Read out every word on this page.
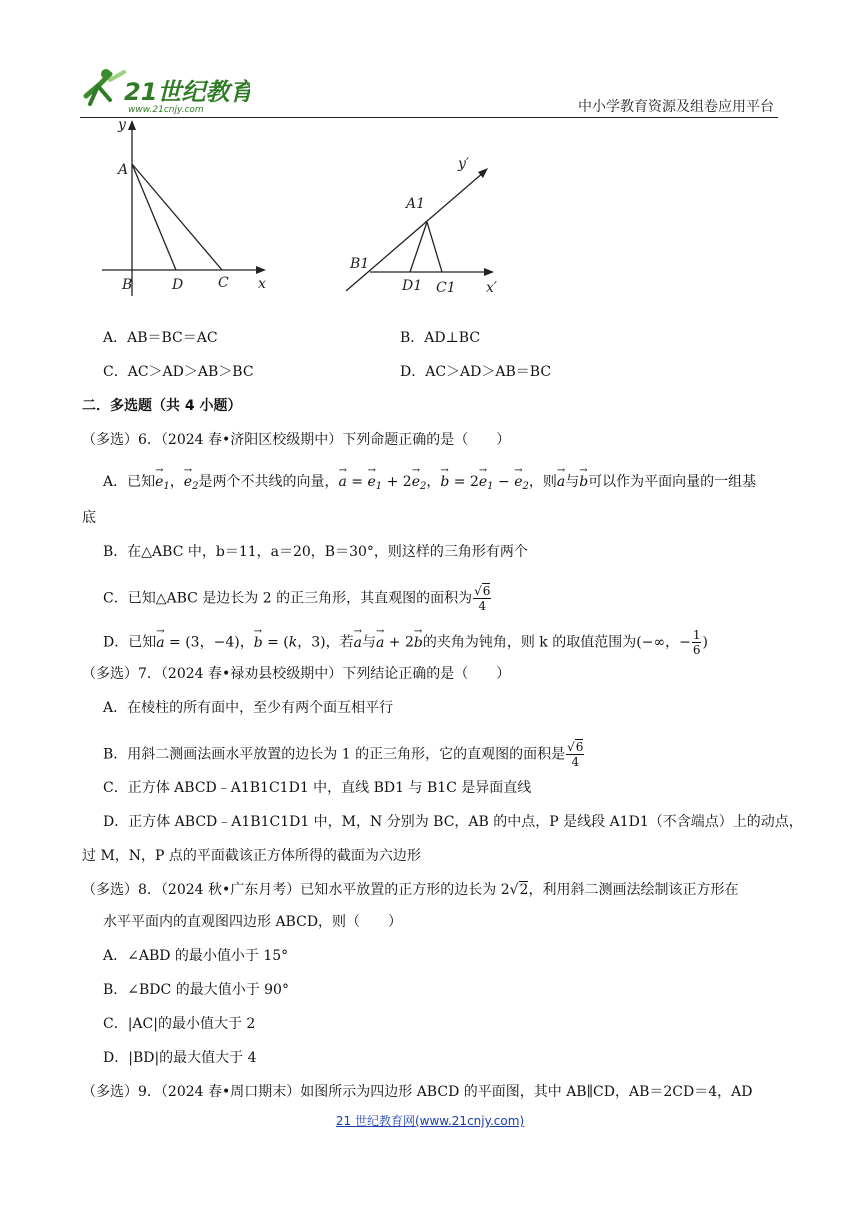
21世纪教育
www.21cnjy.com	中小学教育资源及组卷应用平台
y
A
B	D C x
y′
A1
B1
D1 C1 x′
A．AB＝BC＝AC	B．AD⊥BC
C．AC＞AD＞AB＞BC	D．AC＞AD＞AB＝BC
二．多选题（共 4 小题）
（多选）6．（2024 春•济阳区校级期中）下列命题正确的是（　　）
A．已知→ $e_1$，→ $e_2$是两个不共线的向量，→ a = → $e_1 + 2\to e_2$，→ $b = 2\to e_1$ − → $e_2$，则→ a与→ b可以作为平面向量的一组基
底
B．在△ABC 中，b＝11，a＝20，B＝30°，则这样的三角形有两个
C．已知△ABC 是边长为 2 的正三角形，其直观图的面积为 $\frac{√6}{4}$
D．已知→ a = (3，−4)，→ b = (k，3)，若→ a与→ a + 2→ b的夹角为钝角，则 k 的取值范围为(−∞，− $\frac{1}{6}$ )
（多选）7．（2024 春•禄劝县校级期中）下列结论正确的是（　　）
A．在棱柱的所有面中，至少有两个面互相平行
B．用斜二测画法画水平放置的边长为 1 的正三角形，它的直观图的面积是 $\frac{√6}{4}$
C．正方体 ABCD﹣A1B1C1D1 中，直线 BD1 与 B1C 是异面直线
D．正方体 ABCD﹣A1B1C1D1 中，M，N 分别为 BC，AB 的中点，P 是线段 A1D1（不含端点）上的动点，
过 M，N，P 点的平面截该正方体所得的截面为六边形
（多选）8．（2024 秋•广东月考）已知水平放置的正方形的边长为 2√2，利用斜二测画法绘制该正方形在
水平平面内的直观图四边形 ABCD，则（　　）
A．∠ABD 的最小值小于 15°
B．∠BDC 的最大值小于 90°
C．|AC|的最小值大于 2
D．|BD|的最大值大于 4
（多选）9．（2024 春•周口期末）如图所示为四边形 ABCD 的平面图，其中 AB∥CD，AB＝2CD＝4，AD
21 世纪教育网(www.21cnjy.com)
